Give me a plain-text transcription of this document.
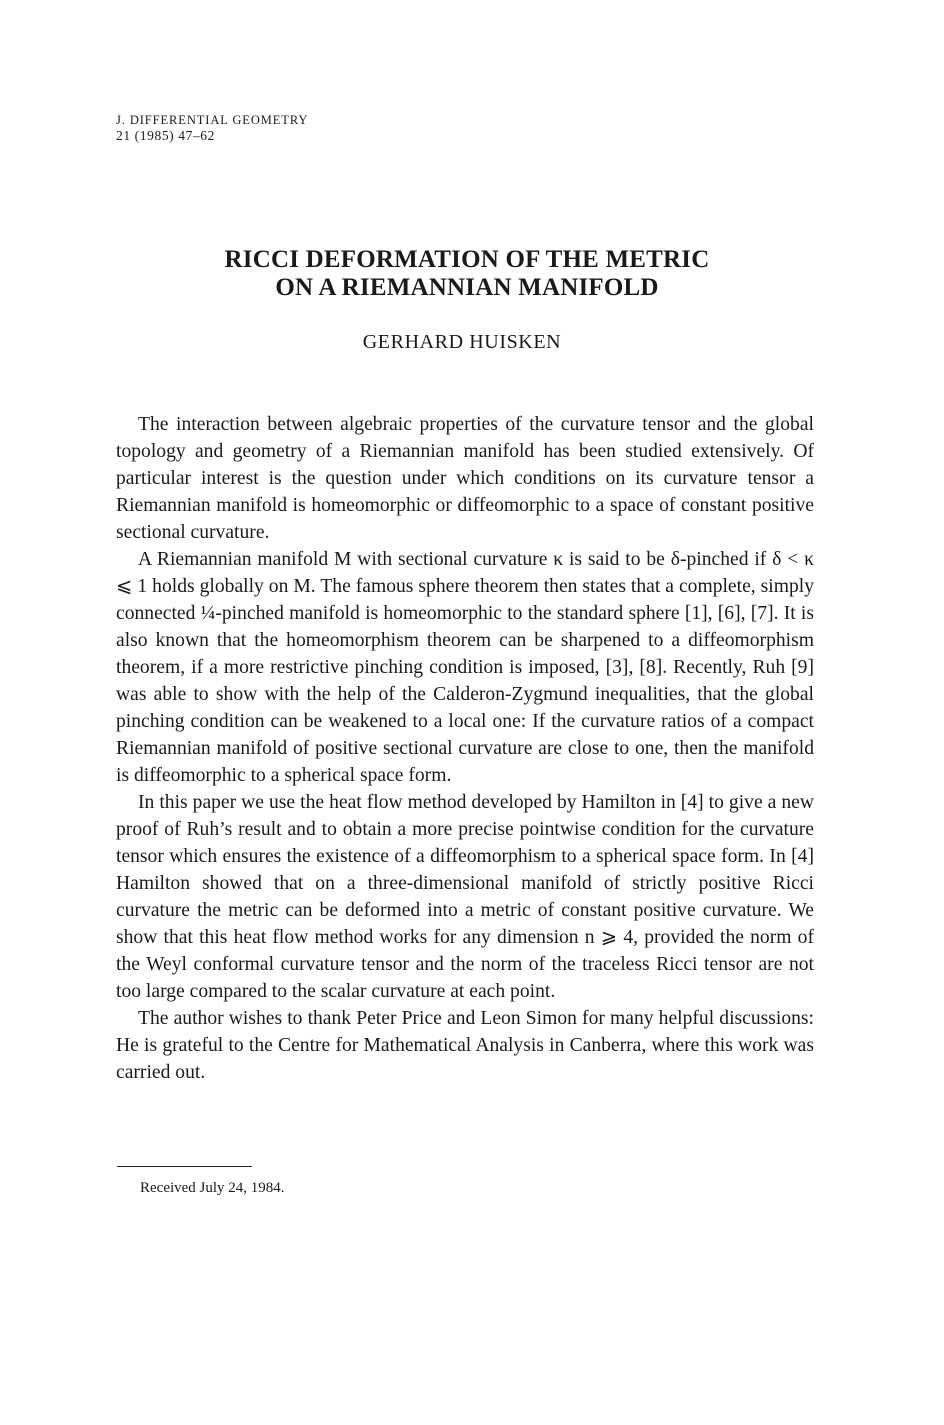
J. DIFFERENTIAL GEOMETRY
21 (1985) 47–62
RICCI DEFORMATION OF THE METRIC
ON A RIEMANNIAN MANIFOLD
GERHARD HUISKEN

The interaction between algebraic properties of the curvature tensor and the global topology and geometry of a Riemannian manifold has been studied extensively. Of particular interest is the question under which conditions on its curvature tensor a Riemannian manifold is homeomorphic or diffeomorphic to a space of constant positive sectional curvature.

A Riemannian manifold M with sectional curvature κ is said to be δ-pinched if δ < κ ⩽ 1 holds globally on M. The famous sphere theorem then states that a complete, simply connected ¼-pinched manifold is homeomorphic to the standard sphere [1], [6], [7]. It is also known that the homeomorphism theorem can be sharpened to a diffeomorphism theorem, if a more restrictive pinching condition is imposed, [3], [8]. Recently, Ruh [9] was able to show with the help of the Calderon-Zygmund inequalities, that the global pinching condition can be weakened to a local one: If the curvature ratios of a compact Riemannian manifold of positive sectional curvature are close to one, then the manifold is diffeomorphic to a spherical space form.

In this paper we use the heat flow method developed by Hamilton in [4] to give a new proof of Ruh’s result and to obtain a more precise pointwise condition for the curvature tensor which ensures the existence of a diffeomorphism to a spherical space form. In [4] Hamilton showed that on a three-dimensional manifold of strictly positive Ricci curvature the metric can be deformed into a metric of constant positive curvature. We show that this heat flow method works for any dimension n ⩾ 4, provided the norm of the Weyl conformal curvature tensor and the norm of the traceless Ricci tensor are not too large compared to the scalar curvature at each point.

The author wishes to thank Peter Price and Leon Simon for many helpful discussions: He is grateful to the Centre for Mathematical Analysis in Canberra, where this work was carried out.

Received July 24, 1984.
